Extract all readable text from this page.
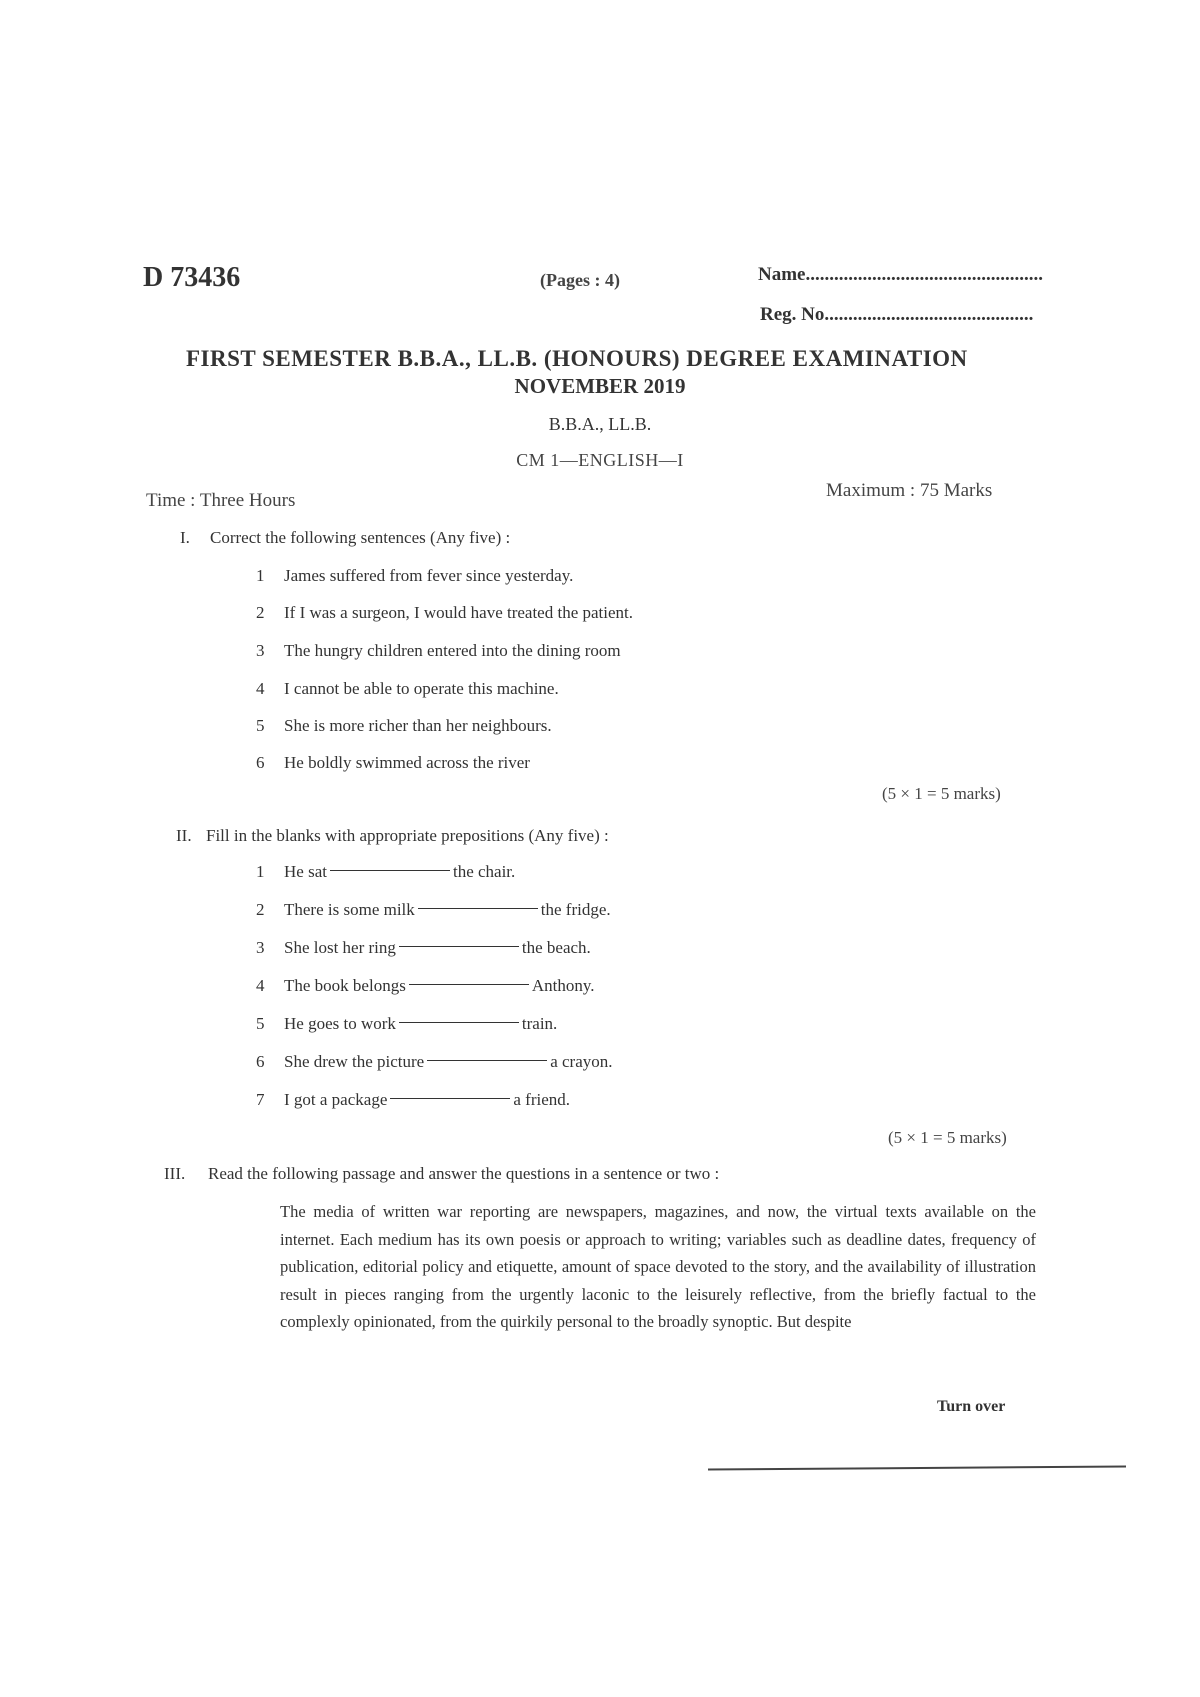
D 73436	(Pages : 4)	Name..................................................
Reg. No............................................
FIRST SEMESTER B.B.A., LL.B. (HONOURS) DEGREE EXAMINATION
NOVEMBER 2019
B.B.A., LL.B.
CM 1—ENGLISH—I
Time : Three Hours	Maximum : 75 Marks
I. Correct the following sentences (Any five) :
1 James suffered from fever since yesterday.
2 If I was a surgeon, I would have treated the patient.
3 The hungry children entered into the dining room
4 I cannot be able to operate this machine.
5 She is more richer than her neighbours.
6 He boldly swimmed across the river
(5 × 1 = 5 marks)
II. Fill in the blanks with appropriate prepositions (Any five) :
1 He sat	the chair.
2 There is some milk	the fridge.
3 She lost her ring	the beach.
4 The book belongs	Anthony.
5 He goes to work	train.
6 She drew the picture	a crayon.
7 I got a package	a friend.
(5 × 1 = 5 marks)
III. Read the following passage and answer the questions in a sentence or two :
The media of written war reporting are newspapers, magazines, and now, the virtual texts available on the internet. Each medium has its own poesis or approach to writing; variables such as deadline dates, frequency of publication, editorial policy and etiquette, amount of space devoted to the story, and the availability of illustration result in pieces ranging from the urgently laconic to the leisurely reflective, from the briefly factual to the complexly opinionated, from the quirkily personal to the broadly synoptic. But despite
Turn over
